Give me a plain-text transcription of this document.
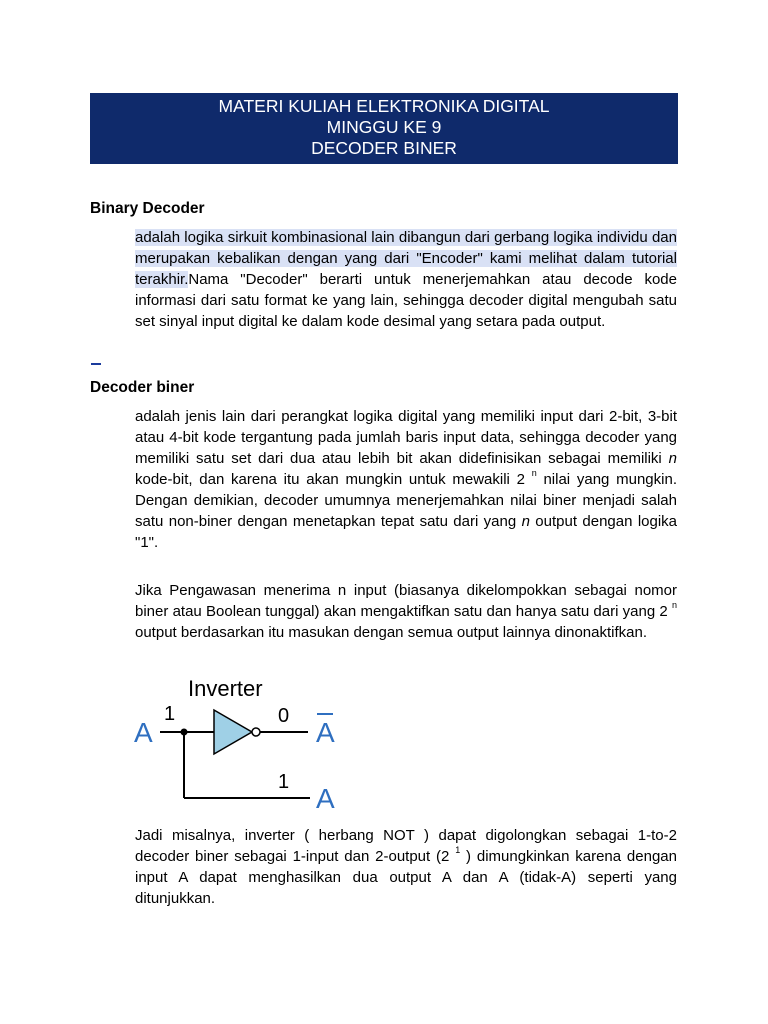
MATERI KULIAH ELEKTRONIKA DIGITAL
MINGGU KE 9
DECODER BINER
Binary Decoder
adalah logika sirkuit kombinasional lain dibangun dari gerbang logika individu dan merupakan kebalikan dengan yang dari "Encoder" kami melihat dalam tutorial terakhir.Nama "Decoder" berarti untuk menerjemahkan atau decode kode informasi dari satu format ke yang lain, sehingga decoder digital mengubah satu set sinyal input digital ke dalam kode desimal yang setara pada output.
Decoder biner
adalah jenis lain dari perangkat logika digital yang memiliki input dari 2-bit, 3-bit atau 4-bit kode tergantung pada jumlah baris input data, sehingga decoder yang memiliki satu set dari dua atau lebih bit akan didefinisikan sebagai memiliki n kode-bit, dan karena itu akan mungkin untuk mewakili 2 $^n$ nilai yang mungkin. Dengan demikian, decoder umumnya menerjemahkan nilai biner menjadi salah satu non-biner dengan menetapkan tepat satu dari yang n output dengan logika "1".
Jika Pengawasan menerima n input (biasanya dikelompokkan sebagai nomor biner atau Boolean tunggal) akan mengaktifkan satu dan hanya satu dari yang 2 $^n$ output berdasarkan itu masukan dengan semua output lainnya dinonaktifkan.
Inverter
A
1	0
A
1
A
Jadi misalnya, inverter ( herbang NOT ) dapat digolongkan sebagai 1-to-2 decoder biner sebagai 1-input dan 2-output (2 $^1$ ) dimungkinkan karena dengan input A dapat menghasilkan dua output A dan A (tidak-A) seperti yang ditunjukkan.
